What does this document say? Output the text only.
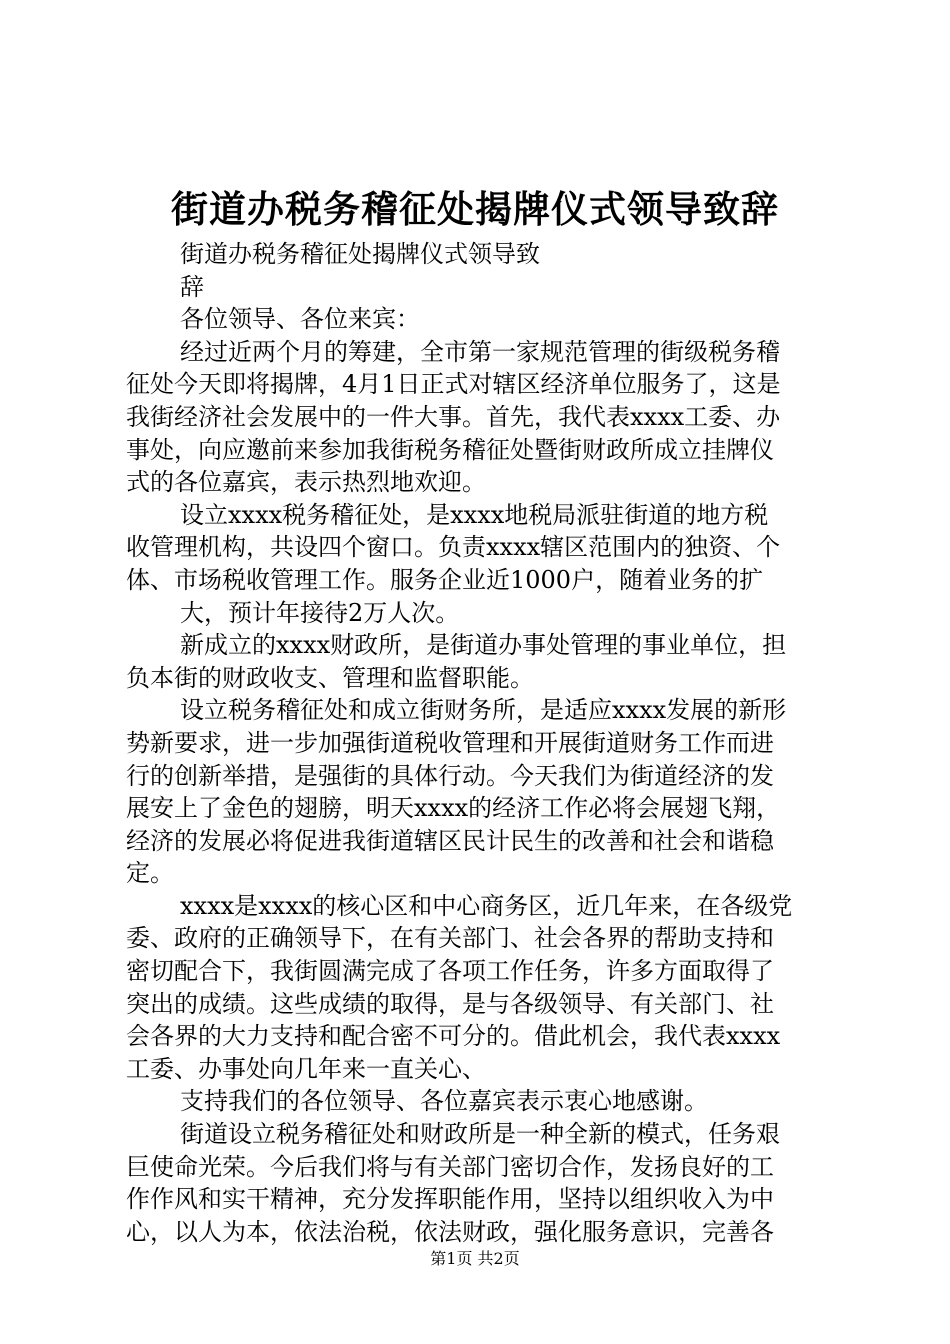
街道办税务稽征处揭牌仪式领导致辞
街道办税务稽征处揭牌仪式领导致
辞
各位领导、各位来宾：
经过近两个月的筹建，全市第一家规范管理的街级税务稽
征处今天即将揭牌，4月1日正式对辖区经济单位服务了，这是
我街经济社会发展中的一件大事。首先，我代表xxxx工委、办
事处，向应邀前来参加我街税务稽征处暨街财政所成立挂牌仪
式的各位嘉宾，表示热烈地欢迎。
设立xxxx税务稽征处，是xxxx地税局派驻街道的地方税
收管理机构，共设四个窗口。负责xxxx辖区范围内的独资、个
体、市场税收管理工作。服务企业近1000户，随着业务的扩
大，预计年接待2万人次。
新成立的xxxx财政所，是街道办事处管理的事业单位，担
负本街的财政收支、管理和监督职能。
设立税务稽征处和成立街财务所，是适应xxxx发展的新形
势新要求，进一步加强街道税收管理和开展街道财务工作而进
行的创新举措，是强街的具体行动。今天我们为街道经济的发
展安上了金色的翅膀，明天xxxx的经济工作必将会展翅飞翔，
经济的发展必将促进我街道辖区民计民生的改善和社会和谐稳
定。
xxxx是xxxx的核心区和中心商务区，近几年来，在各级党
委、政府的正确领导下，在有关部门、社会各界的帮助支持和
密切配合下，我街圆满完成了各项工作任务，许多方面取得了
突出的成绩。这些成绩的取得，是与各级领导、有关部门、社
会各界的大力支持和配合密不可分的。借此机会，我代表xxxx
工委、办事处向几年来一直关心、
支持我们的各位领导、各位嘉宾表示衷心地感谢。
街道设立税务稽征处和财政所是一种全新的模式，任务艰
巨使命光荣。今后我们将与有关部门密切合作，发扬良好的工
作作风和实干精神，充分发挥职能作用，坚持以组织收入为中
心，以人为本，依法治税，依法财政，强化服务意识，完善各
第1页 共2页
